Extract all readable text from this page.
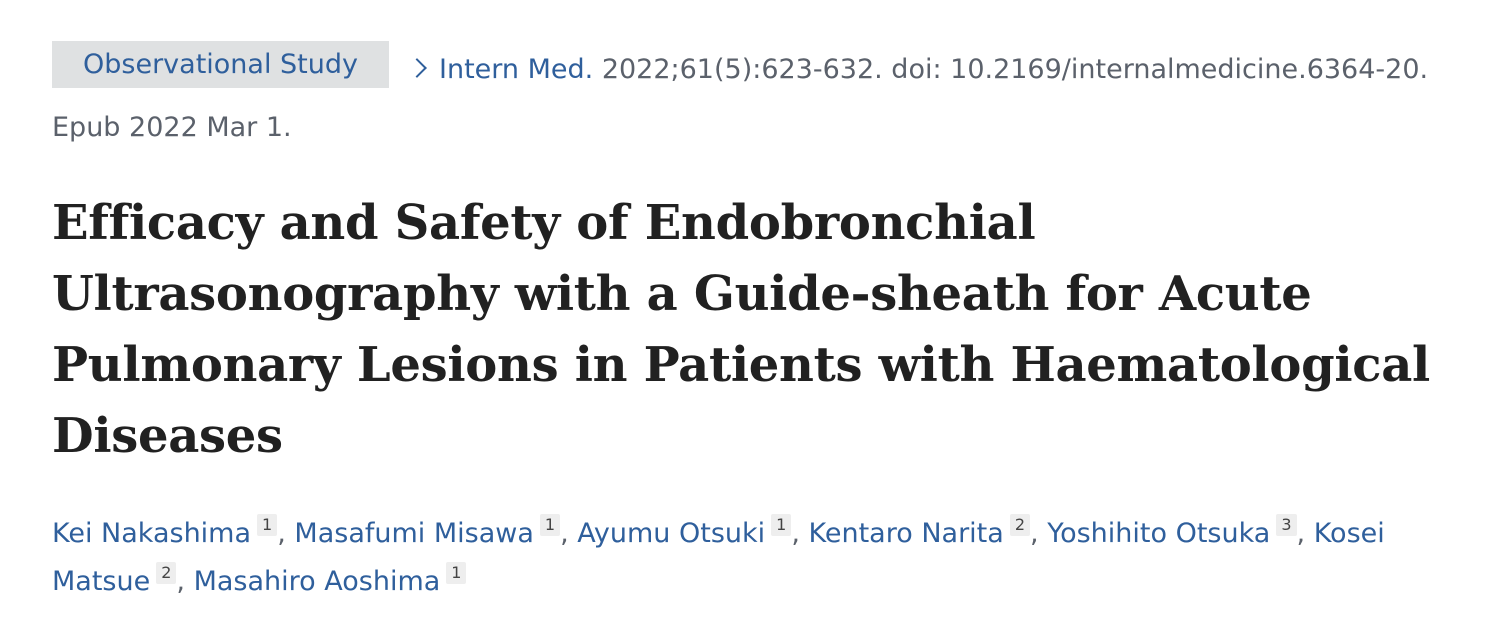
Observational Study	Intern Med. 2022;61(5):623-632. doi: 10.2169/internalmedicine.6364-20. Epub 2022 Mar 1.
Efficacy and Safety of Endobronchial Ultrasonography with a Guide-sheath for Acute Pulmonary Lesions in Patients with Haematological Diseases
Kei Nakashima 1 , Masafumi Misawa 1 , Ayumu Otsuki 1 , Kentaro Narita 2 , Yoshihito Otsuka 3 , Kosei Matsue 2 , Masahiro Aoshima 1
